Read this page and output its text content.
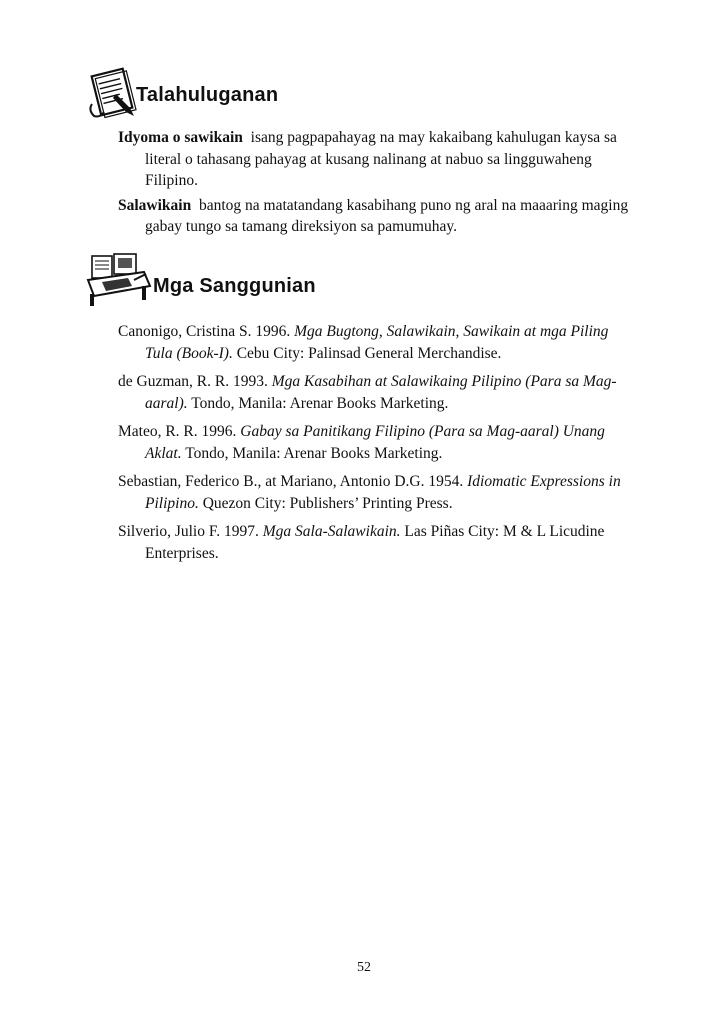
Talahuluganan

Idyoma o sawikain isang pagpapahayag na may kakaibang kahulugan kaysa sa literal o tahasang pahayag at kusang nalinang at nabuo sa lingguwaheng Filipino.

Salawikain bantog na matatandang kasabihang puno ng aral na maaaring maging gabay tungo sa tamang direksiyon sa pamumuhay.

Mga Sanggunian

Canonigo, Cristina S. 1996. Mga Bugtong, Salawikain, Sawikain at mga Piling Tula (Book-I). Cebu City: Palinsad General Merchandise.

de Guzman, R. R. 1993. Mga Kasabihan at Salawikaing Pilipino (Para sa Mag-aaral). Tondo, Manila: Arenar Books Marketing.

Mateo, R. R. 1996. Gabay sa Panitikang Filipino (Para sa Mag-aaral) Unang Aklat. Tondo, Manila: Arenar Books Marketing.

Sebastian, Federico B., at Mariano, Antonio D.G. 1954. Idiomatic Expressions in Pilipino. Quezon City: Publishers’ Printing Press.

Silverio, Julio F. 1997. Mga Sala-Salawikain. Las Piñas City: M & L Licudine Enterprises.

52
